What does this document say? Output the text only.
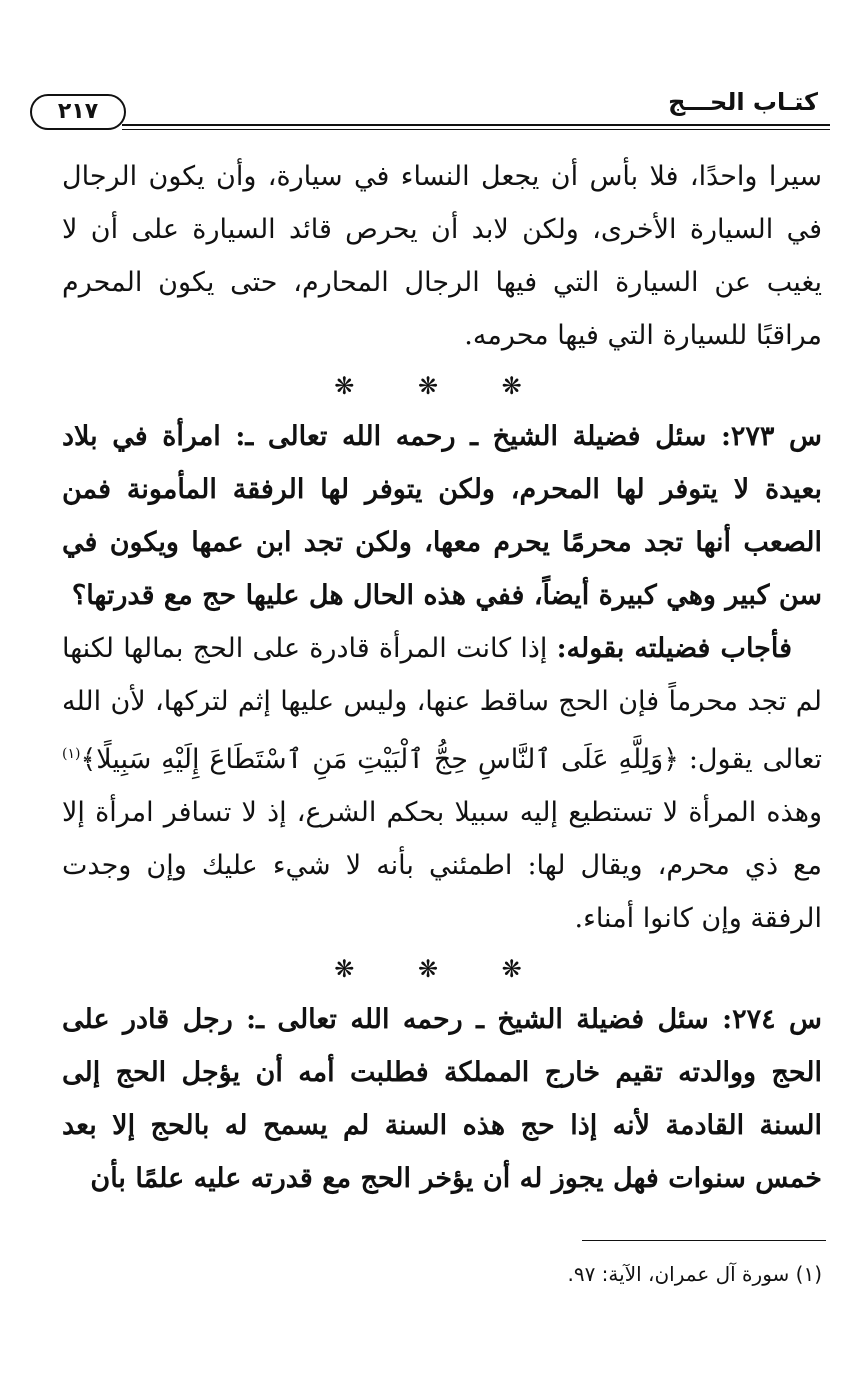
٢١٧	كتـاب الحـــج

سيرا واحدًا، فلا بأس أن يجعل النساء في سيارة، وأن يكون الرجال في السيارة الأخرى، ولكن لابد أن يحرص قائد السيارة على أن لا يغيب عن السيارة التي فيها الرجال المحارم، حتى يكون المحرم مراقبًا للسيارة التي فيها محرمه.

❋ ❋ ❋

س ٢٧٣: سئل فضيلة الشيخ ـ رحمه الله تعالى ـ: امرأة في بلاد بعيدة لا يتوفر لها المحرم، ولكن يتوفر لها الرفقة المأمونة فمن الصعب أنها تجد محرمًا يحرم معها، ولكن تجد ابن عمها ويكون في سن كبير وهي كبيرة أيضاً، ففي هذه الحال هل عليها حج مع قدرتها؟

فأجاب فضيلته بقوله: إذا كانت المرأة قادرة على الحج بمالها لكنها لم تجد محرماً فإن الحج ساقط عنها، وليس عليها إثم لتركها، لأن الله تعالى يقول: ﴿وَلِلَّهِ عَلَى ٱلنَّاسِ حِجُّ ٱلْبَيْتِ مَنِ ٱسْتَطَاعَ إِلَيْهِ سَبِيلًا﴾$^{(١)}$ وهذه المرأة لا تستطيع إليه سبيلا بحكم الشرع، إذ لا تسافر امرأة إلا مع ذي محرم، ويقال لها: اطمئني بأنه لا شيء عليك وإن وجدت الرفقة وإن كانوا أمناء.

❋ ❋ ❋

س ٢٧٤: سئل فضيلة الشيخ ـ رحمه الله تعالى ـ: رجل قادر على الحج ووالدته تقيم خارج المملكة فطلبت أمه أن يؤجل الحج إلى السنة القادمة لأنه إذا حج هذه السنة لم يسمح له بالحج إلا بعد خمس سنوات فهل يجوز له أن يؤخر الحج مع قدرته عليه علمًا بأن

(١) سورة آل عمران، الآية: ٩٧.
